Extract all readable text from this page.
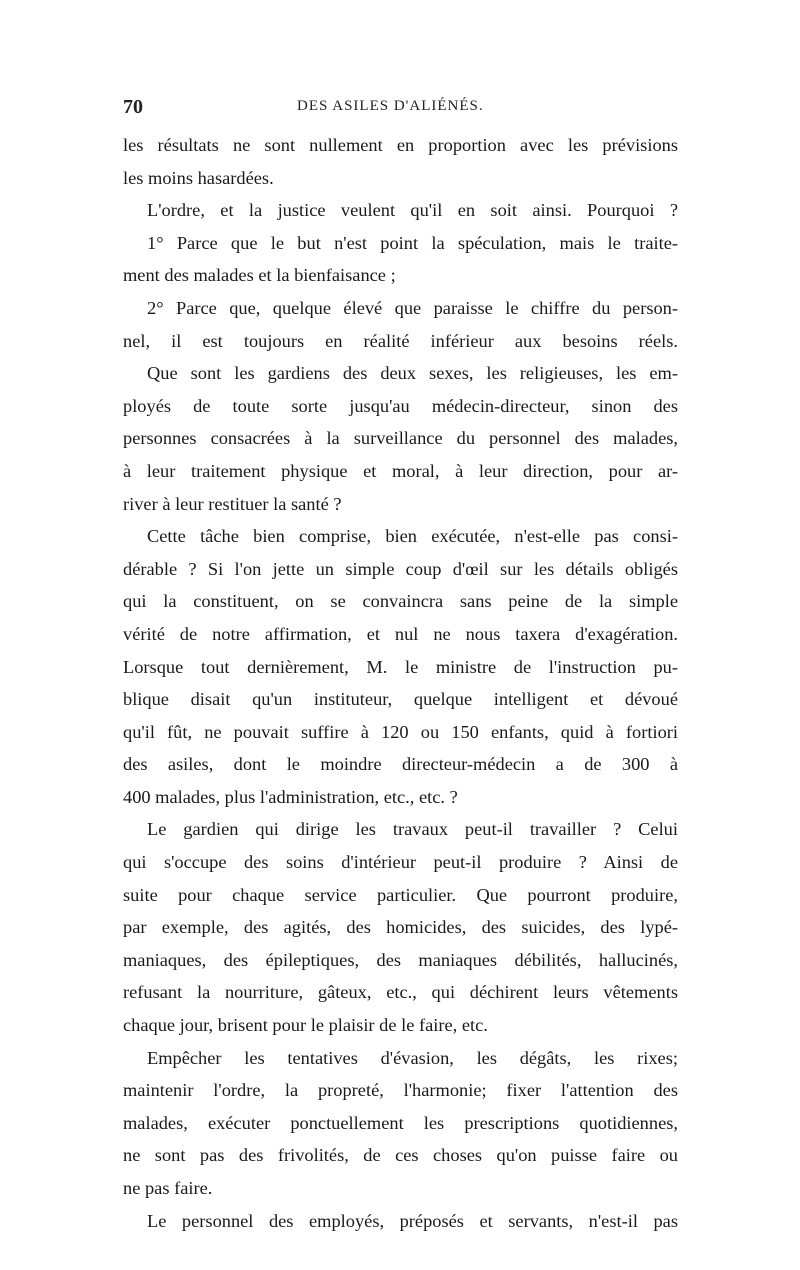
70	DES ASILES D'ALIÉNÉS.
les résultats ne sont nullement en proportion avec les prévisions
les moins hasardées.
L'ordre, et la justice veulent qu'il en soit ainsi. Pourquoi ?
1° Parce que le but n'est point la spéculation, mais le traite-
ment des malades et la bienfaisance ;
2° Parce que, quelque élevé que paraisse le chiffre du person-
nel, il est toujours en réalité inférieur aux besoins réels.
Que sont les gardiens des deux sexes, les religieuses, les em-
ployés de toute sorte jusqu'au médecin-directeur, sinon des
personnes consacrées à la surveillance du personnel des malades,
à leur traitement physique et moral, à leur direction, pour ar-
river à leur restituer la santé ?
Cette tâche bien comprise, bien exécutée, n'est-elle pas consi-
dérable ? Si l'on jette un simple coup d'œil sur les détails obligés
qui la constituent, on se convaincra sans peine de la simple
vérité de notre affirmation, et nul ne nous taxera d'exagération.
Lorsque tout dernièrement, M. le ministre de l'instruction pu-
blique disait qu'un instituteur, quelque intelligent et dévoué
qu'il fût, ne pouvait suffire à 120 ou 150 enfants, quid à fortiori
des asiles, dont le moindre directeur-médecin a de 300 à
400 malades, plus l'administration, etc., etc. ?
Le gardien qui dirige les travaux peut-il travailler ? Celui
qui s'occupe des soins d'intérieur peut-il produire ? Ainsi de
suite pour chaque service particulier. Que pourront produire,
par exemple, des agités, des homicides, des suicides, des lypé-
maniaques, des épileptiques, des maniaques débilités, hallucinés,
refusant la nourriture, gâteux, etc., qui déchirent leurs vêtements
chaque jour, brisent pour le plaisir de le faire, etc.
Empêcher les tentatives d'évasion, les dégâts, les rixes;
maintenir l'ordre, la propreté, l'harmonie; fixer l'attention des
malades, exécuter ponctuellement les prescriptions quotidiennes,
ne sont pas des frivolités, de ces choses qu'on puisse faire ou
ne pas faire.
Le personnel des employés, préposés et servants, n'est-il pas
